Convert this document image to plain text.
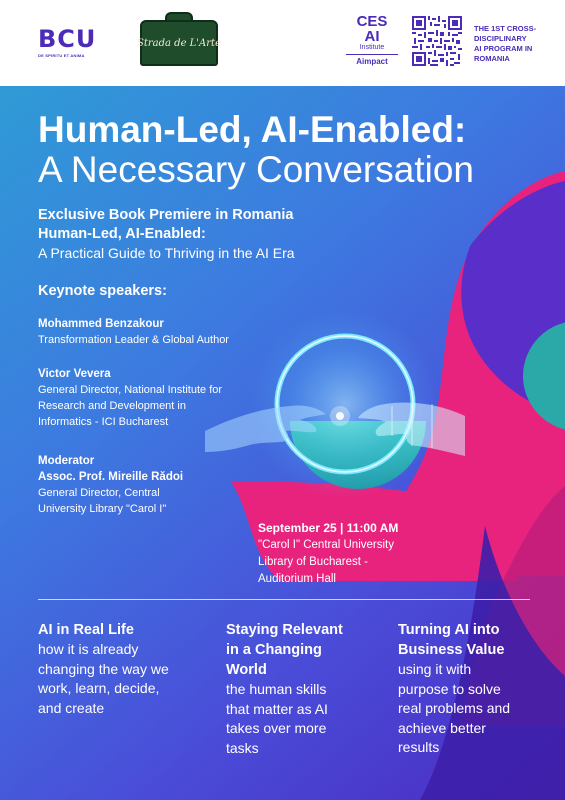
B C U
DE SPIRITU ET ANIMA
Strada de L'Arte
CES
AI
Institute
Aimpact
THE 1ST CROSS-
DISCIPLINARY
AI PROGRAM IN
ROMANIA
Human-Led, AI-Enabled:
A Necessary Conversation
Exclusive Book Premiere in Romania
Human-Led, AI-Enabled:
A Practical Guide to Thriving in the AI Era
Keynote speakers:
Mohammed Benzakour
Transformation Leader & Global Author
Victor Vevera
General Director, National Institute for
Research and Development in
Informatics - ICI Bucharest
Moderator
Assoc. Prof. Mireille Rădoi
General Director, Central
University Library "Carol I"
September 25 | 11:00 AM
"Carol I" Central University
Library of Bucharest -
Auditorium Hall
AI in Real Life
how it is already
changing the way we
work, learn, decide,
and create
Staying Relevant
in a Changing
World
the human skills
that matter as AI
takes over more
tasks
Turning AI into
Business Value
using it with
purpose to solve
real problems and
achieve better
results
